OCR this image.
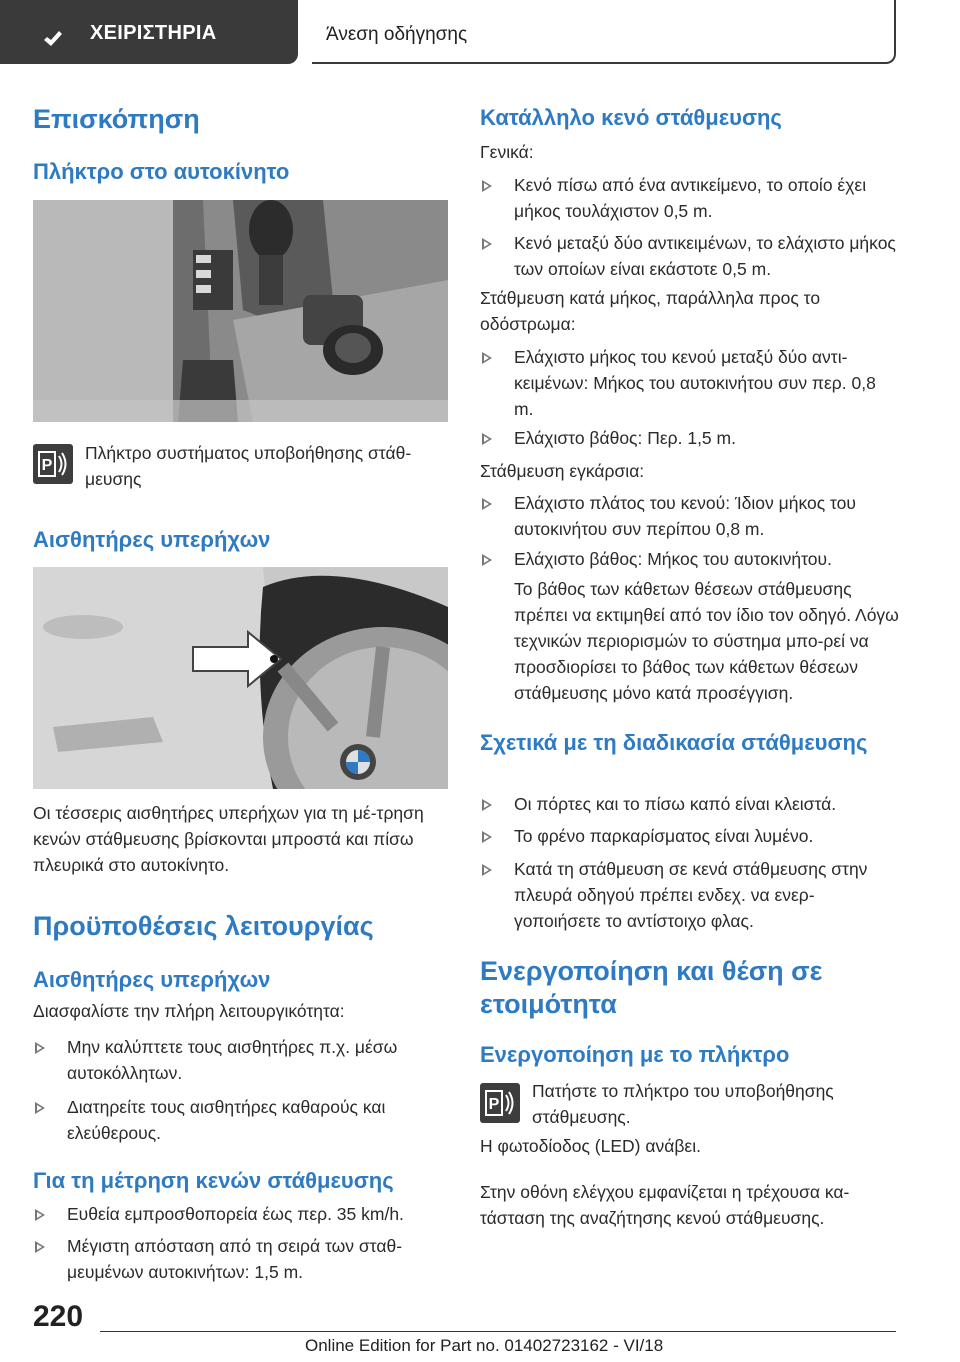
ΧΕΙΡΙΣΤΗΡΙΑ	Άνεση οδήγησης
Επισκόπηση
Πλήκτρο στο αυτοκίνητο
P
Πλήκτρο συστήματος υποβοήθησης στάθ‐μευσης
Αισθητήρες υπερήχων
Οι τέσσερις αισθητήρες υπερήχων για τη μέ‐τρηση κενών στάθμευσης βρίσκονται μπροστά και πίσω πλευρικά στο αυτοκίνητο.
Προϋποθέσεις λειτουργίας
Αισθητήρες υπερήχων
Διασφαλίστε την πλήρη λειτουργικότητα:
Μην καλύπτετε τους αισθητήρες π.χ. μέσω αυτοκόλλητων.
Διατηρείτε τους αισθητήρες καθαρούς και ελεύθερους.
Για τη μέτρηση κενών στάθμευσης
Ευθεία εμπροσθοπορεία έως περ. 35 km/h.
Μέγιστη απόσταση από τη σειρά των σταθ‐μευμένων αυτοκινήτων: 1,5 m.
Κατάλληλο κενό στάθμευσης
Γενικά:
Κενό πίσω από ένα αντικείμενο, το οποίο έχει μήκος τουλάχιστον 0,5 m.
Κενό μεταξύ δύο αντικειμένων, το ελάχιστο μήκος των οποίων είναι εκάστοτε 0,5 m.
Στάθμευση κατά μήκος, παράλληλα προς το οδόστρωμα:
Ελάχιστο μήκος του κενού μεταξύ δύο αντι‐κειμένων: Μήκος του αυτοκινήτου συν περ. 0,8 m.
Ελάχιστο βάθος: Περ. 1,5 m.
Στάθμευση εγκάρσια:
Ελάχιστο πλάτος του κενού: Ίδιον μήκος του αυτοκινήτου συν περίπου 0,8 m.
Ελάχιστο βάθος: Μήκος του αυτοκινήτου.
Το βάθος των κάθετων θέσεων στάθμευσης πρέπει να εκτιμηθεί από τον ίδιο τον οδηγό. Λόγω τεχνικών περιορισμών το σύστημα μπο‐ρεί να προσδιορίσει το βάθος των κάθετων θέσεων στάθμευσης μόνο κατά προσέγγιση.
Σχετικά με τη διαδικασία στάθμευσης
Οι πόρτες και το πίσω καπό είναι κλειστά.
Το φρένο παρκαρίσματος είναι λυμένο.
Κατά τη στάθμευση σε κενά στάθμευσης στην πλευρά οδηγού πρέπει ενδεχ. να ενερ‐γοποιήσετε το αντίστοιχο φλας.
Ενεργοποίηση και θέση σε ετοιμότητα
Ενεργοποίηση με το πλήκτρο
P
Πατήστε το πλήκτρο του υποβοήθησης στάθμευσης.
Η φωτοδίοδος (LED) ανάβει.
Στην οθόνη ελέγχου εμφανίζεται η τρέχουσα κα‐τάσταση της αναζήτησης κενού στάθμευσης.
220
Online Edition for Part no. 01402723162 - VI/18
